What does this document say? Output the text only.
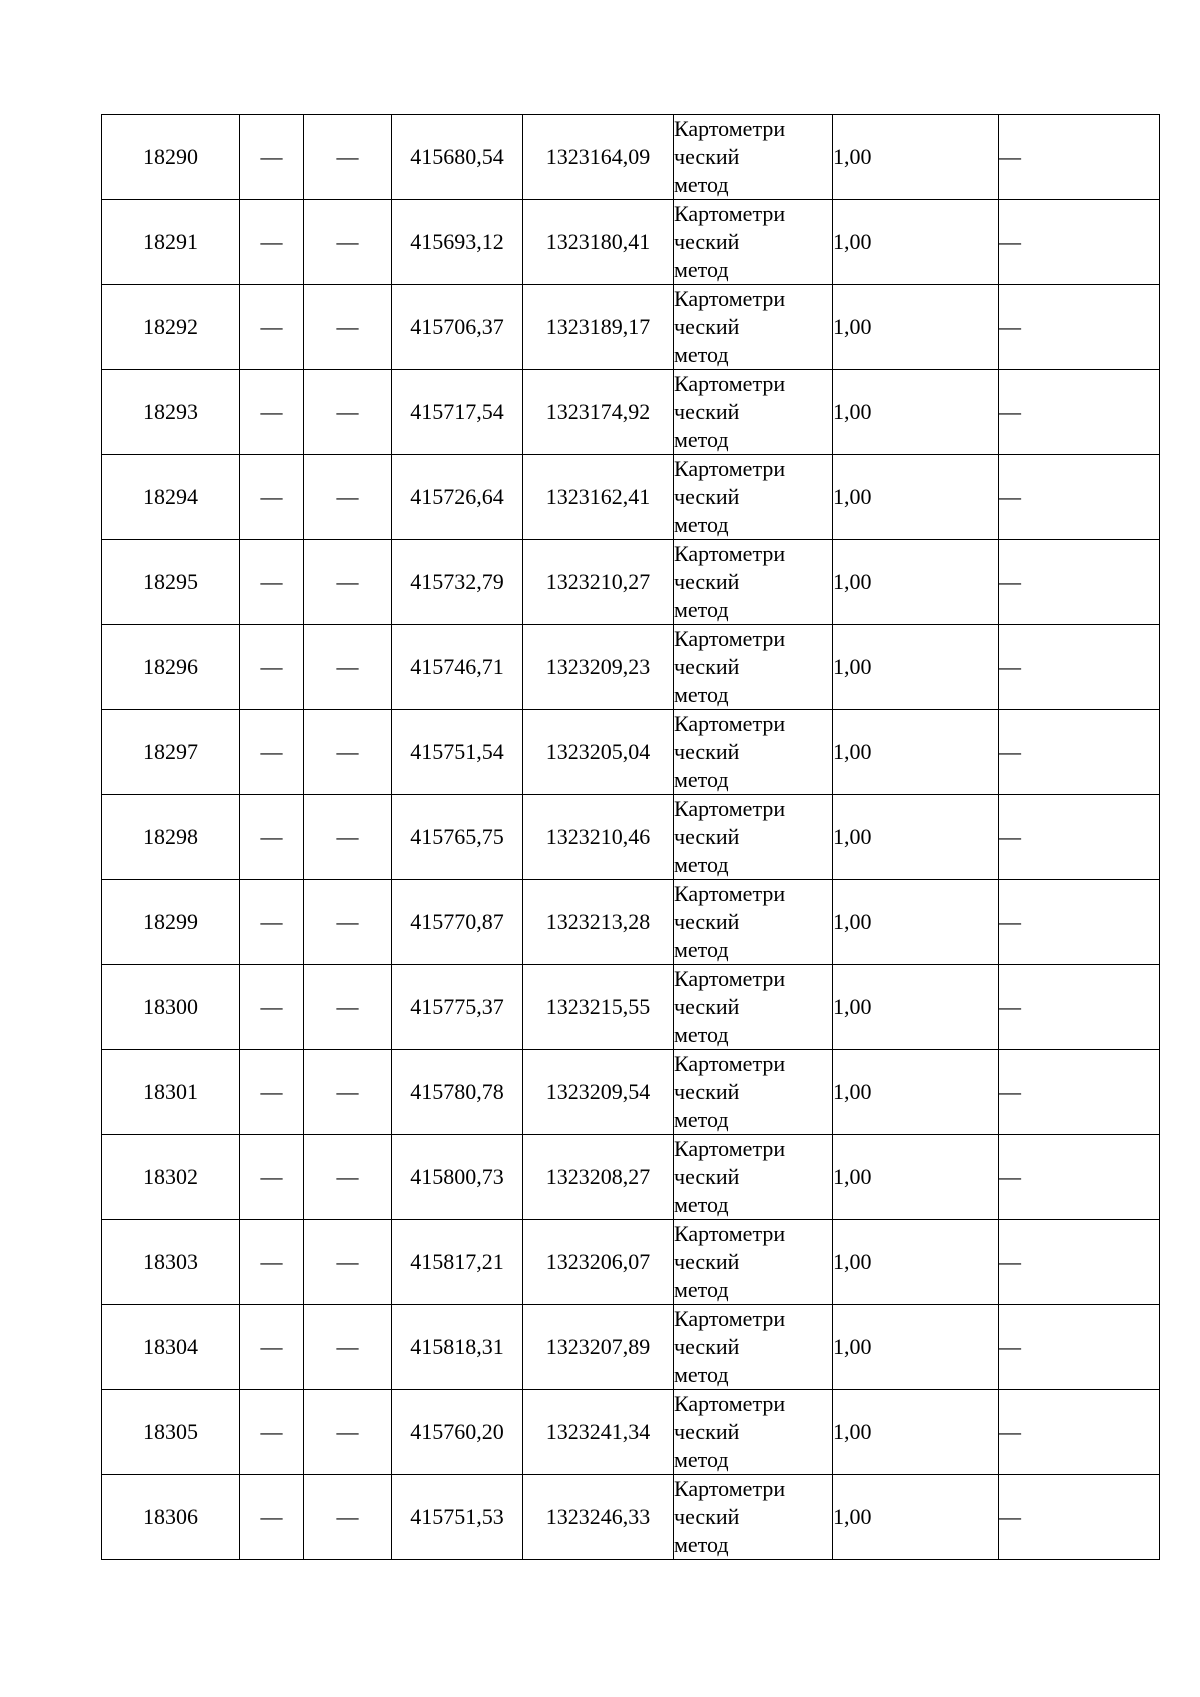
18290	—	—	415680,54	1323164,09	Картометри
ческий
метод	1,00	—
18291	—	—	415693,12	1323180,41	Картометри
ческий
метод	1,00	—
18292	—	—	415706,37	1323189,17	Картометри
ческий
метод	1,00	—
18293	—	—	415717,54	1323174,92	Картометри
ческий
метод	1,00	—
18294	—	—	415726,64	1323162,41	Картометри
ческий
метод	1,00	—
18295	—	—	415732,79	1323210,27	Картометри
ческий
метод	1,00	—
18296	—	—	415746,71	1323209,23	Картометри
ческий
метод	1,00	—
18297	—	—	415751,54	1323205,04	Картометри
ческий
метод	1,00	—
18298	—	—	415765,75	1323210,46	Картометри
ческий
метод	1,00	—
18299	—	—	415770,87	1323213,28	Картометри
ческий
метод	1,00	—
18300	—	—	415775,37	1323215,55	Картометри
ческий
метод	1,00	—
18301	—	—	415780,78	1323209,54	Картометри
ческий
метод	1,00	—
18302	—	—	415800,73	1323208,27	Картометри
ческий
метод	1,00	—
18303	—	—	415817,21	1323206,07	Картометри
ческий
метод	1,00	—
18304	—	—	415818,31	1323207,89	Картометри
ческий
метод	1,00	—
18305	—	—	415760,20	1323241,34	Картометри
ческий
метод	1,00	—
18306	—	—	415751,53	1323246,33	Картометри
ческий
метод	1,00	—
